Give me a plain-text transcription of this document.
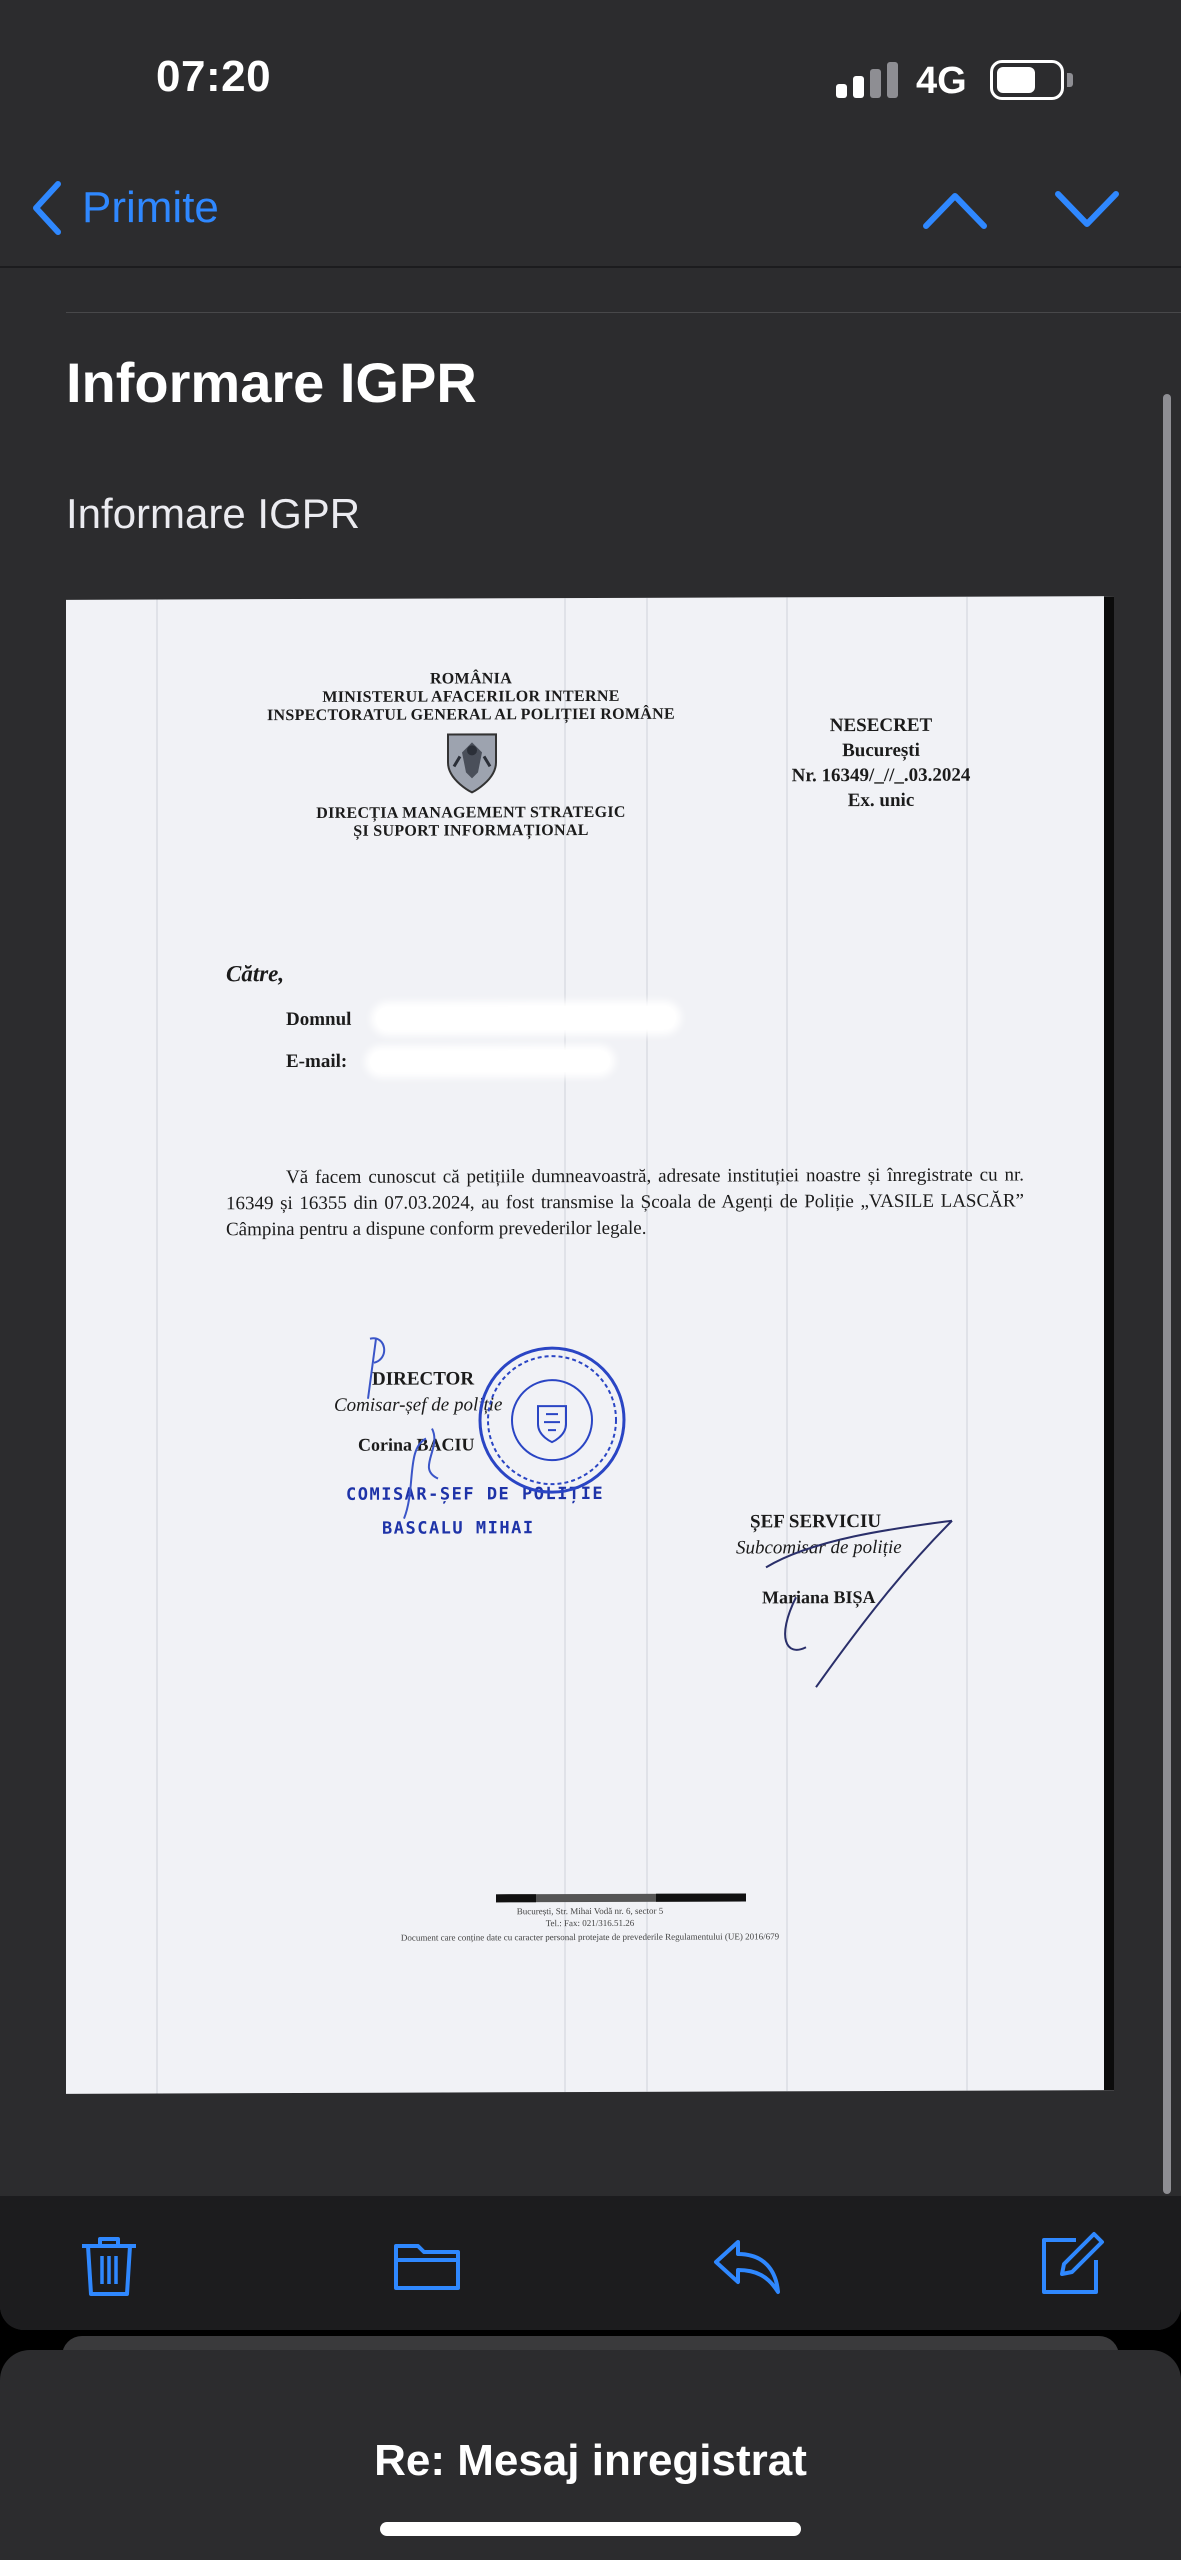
07:20	4G
Primite
Informare IGPR
Informare IGPR
ROMÂNIA
MINISTERUL AFACERILOR INTERNE
INSPECTORATUL GENERAL AL POLIȚIEI ROMÂNE
DIRECȚIA MANAGEMENT STRATEGIC
ȘI SUPORT INFORMAȚIONAL
NESECRET
București
Nr. 16349/_//_.03.2024
Ex. unic
Către,
Domnul
E-mail:
Vă facem cunoscut că petițiile dumneavoastră, adresate instituției noastre și înregistrate cu nr. 16349 și 16355 din 07.03.2024, au fost transmise la Școala de Agenți de Poliție „VASILE LASCĂR” Câmpina pentru a dispune conform prevederilor legale.
DIRECTOR
Comisar-șef de poliție
Corina BACIU
COMISAR-ȘEF DE POLIȚIE
BASCALU MIHAI	ȘEF SERVICIU
Subcomisar de poliție
Mariana BIȘA
București, Str. Mihai Vodă nr. 6, sector 5
Tel.: Fax: 021/316.51.26
Document care conține date cu caracter personal protejate de prevederile Regulamentului (UE) 2016/679
Re: Mesaj inregistrat
